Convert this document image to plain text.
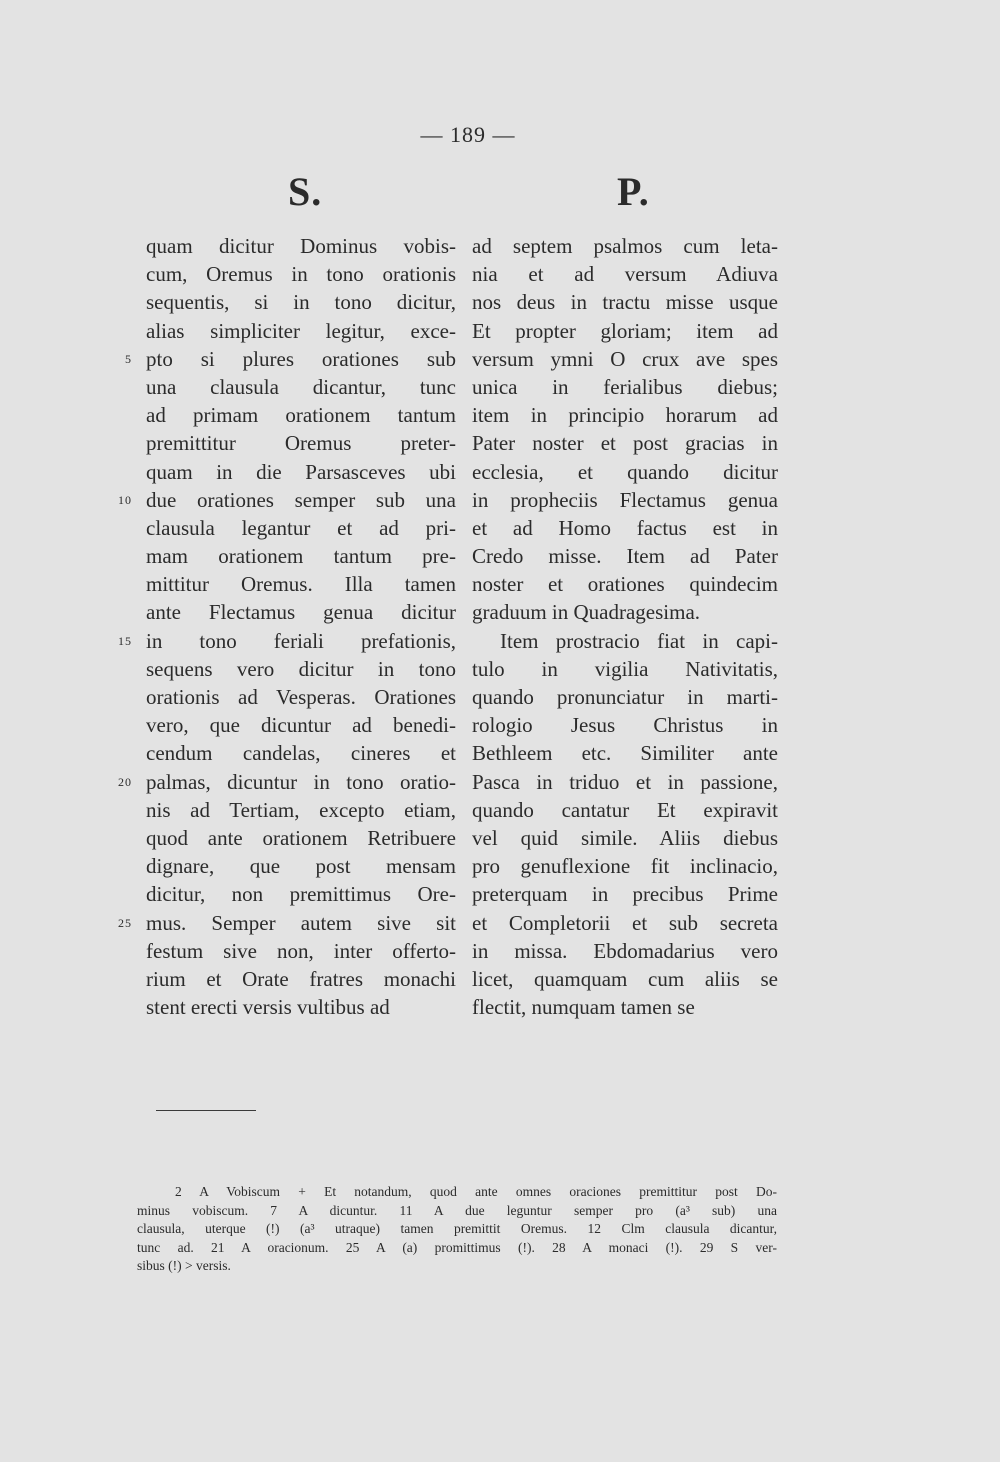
— 189 —
S.	P.
quam dicitur Dominus vobis-
cum, Oremus in tono orationis
sequentis, si in tono dicitur,
alias simpliciter legitur, exce-
pto si plures orationes sub
5
una clausula dicantur, tunc
ad primam orationem tantum
premittitur Oremus preter-
quam in die Parsasceves ubi
due orationes semper sub una
10
clausula legantur et ad pri-
mam orationem tantum pre-
mittitur Oremus. Illa tamen
ante Flectamus genua dicitur
in tono feriali prefationis,
15
sequens vero dicitur in tono
orationis ad Vesperas. Orationes
vero, que dicuntur ad benedi-
cendum candelas, cineres et
palmas, dicuntur in tono oratio-
20
nis ad Tertiam, excepto etiam,
quod ante orationem Retribuere
dignare, que post mensam
dicitur, non premittimus Ore-
mus. Semper autem sive sit
25
festum sive non, inter offerto-
rium et Orate fratres monachi
stent erecti versis vultibus ad
ad septem psalmos cum leta-
nia et ad versum Adiuva
nos deus in tractu misse usque
Et propter gloriam; item ad
versum ymni O crux ave spes
unica in ferialibus diebus;
item in principio horarum ad
Pater noster et post gracias in
ecclesia, et quando dicitur
in propheciis Flectamus genua
et ad Homo factus est in
Credo misse. Item ad Pater
noster et orationes quindecim
graduum in Quadragesima.
Item prostracio fiat in capi-
tulo in vigilia Nativitatis,
quando pronunciatur in marti-
rologio Jesus Christus in
Bethleem etc. Similiter ante
Pasca in triduo et in passione,
quando cantatur Et expiravit
vel quid simile. Aliis diebus
pro genuflexione fit inclinacio,
preterquam in precibus Prime
et Completorii et sub secreta
in missa. Ebdomadarius vero
licet, quamquam cum aliis se
flectit, numquam tamen se
2 A Vobiscum + Et notandum, quod ante omnes oraciones premittitur post Do-
minus vobiscum. 7 A dicuntur. 11 A due leguntur semper pro (a³ sub) una
clausula, uterque (!) (a³ utraque) tamen premittit Oremus. 12 Clm clausula dicantur,
tunc ad. 21 A oracionum. 25 A (a) promittimus (!). 28 A monaci (!). 29 S ver-
sibus (!) > versis.
